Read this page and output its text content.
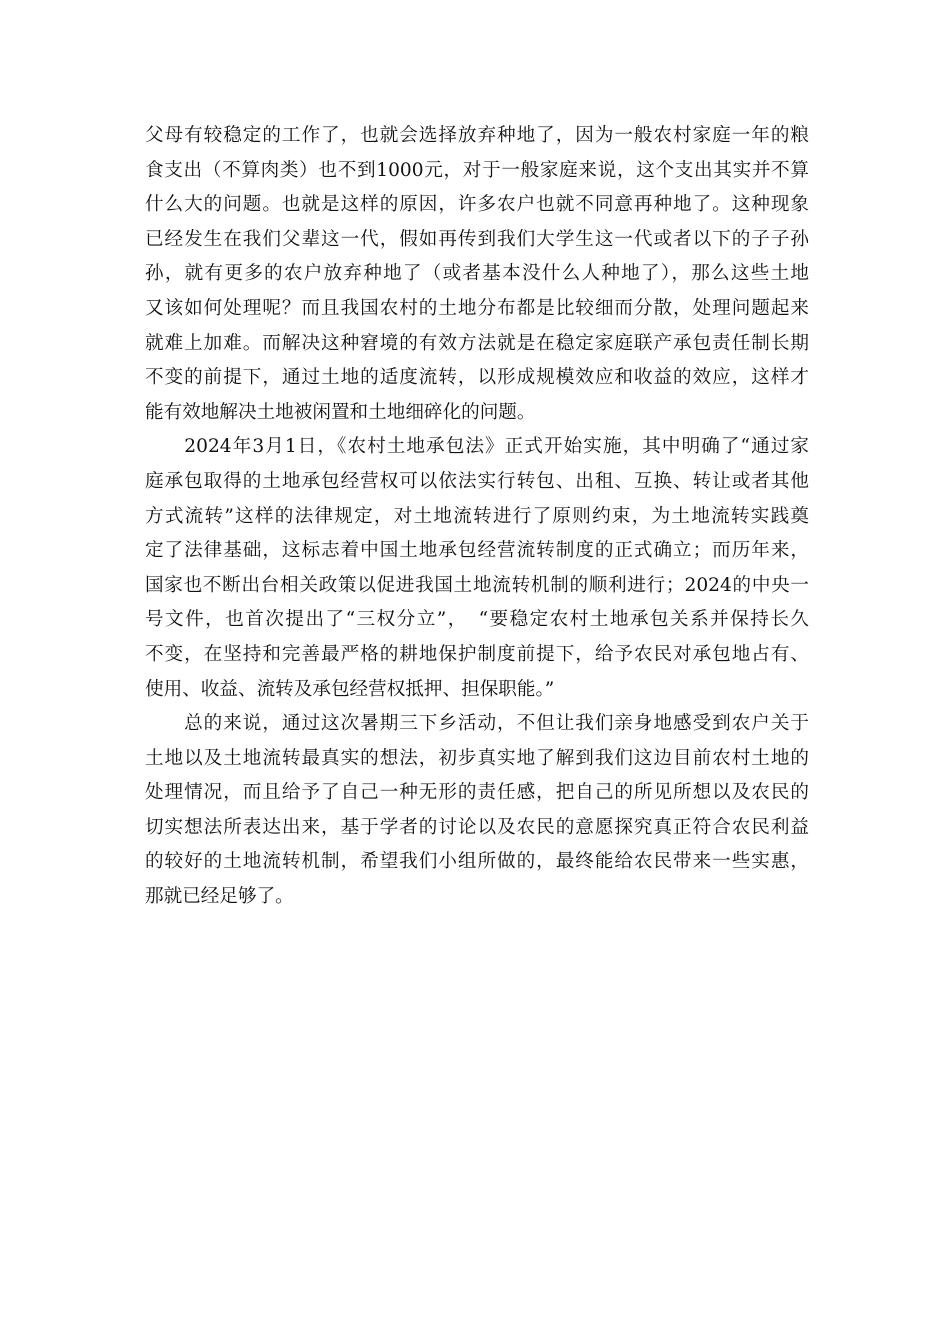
父母有较稳定的工作了，也就会选择放弃种地了，因为一般农村家庭一年的粮
食支出（不算肉类）也不到1000元，对于一般家庭来说，这个支出其实并不算
什么大的问题。也就是这样的原因，许多农户也就不同意再种地了。这种现象
已经发生在我们父辈这一代，假如再传到我们大学生这一代或者以下的子子孙
孙，就有更多的农户放弃种地了（或者基本没什么人种地了），那么这些土地
又该如何处理呢？而且我国农村的土地分布都是比较细而分散，处理问题起来
就难上加难。而解决这种窘境的有效方法就是在稳定家庭联产承包责任制长期
不变的前提下，通过土地的适度流转，以形成规模效应和收益的效应，这样才
能有效地解决土地被闲置和土地细碎化的问题。
　　2024年3月1日，《农村土地承包法》正式开始实施，其中明确了“通过家
庭承包取得的土地承包经营权可以依法实行转包、出租、互换、转让或者其他
方式流转”这样的法律规定，对土地流转进行了原则约束，为土地流转实践奠
定了法律基础，这标志着中国土地承包经营流转制度的正式确立；而历年来，
国家也不断出台相关政策以促进我国土地流转机制的顺利进行；2024的中央一
号文件，也首次提出了“三权分立”，　“要稳定农村土地承包关系并保持长久
不变，在坚持和完善最严格的耕地保护制度前提下，给予农民对承包地占有、
使用、收益、流转及承包经营权抵押、担保职能。”
　　总的来说，通过这次暑期三下乡活动，不但让我们亲身地感受到农户关于
土地以及土地流转最真实的想法，初步真实地了解到我们这边目前农村土地的
处理情况，而且给予了自己一种无形的责任感，把自己的所见所想以及农民的
切实想法所表达出来，基于学者的讨论以及农民的意愿探究真正符合农民利益
的较好的土地流转机制，希望我们小组所做的，最终能给农民带来一些实惠，
那就已经足够了。
